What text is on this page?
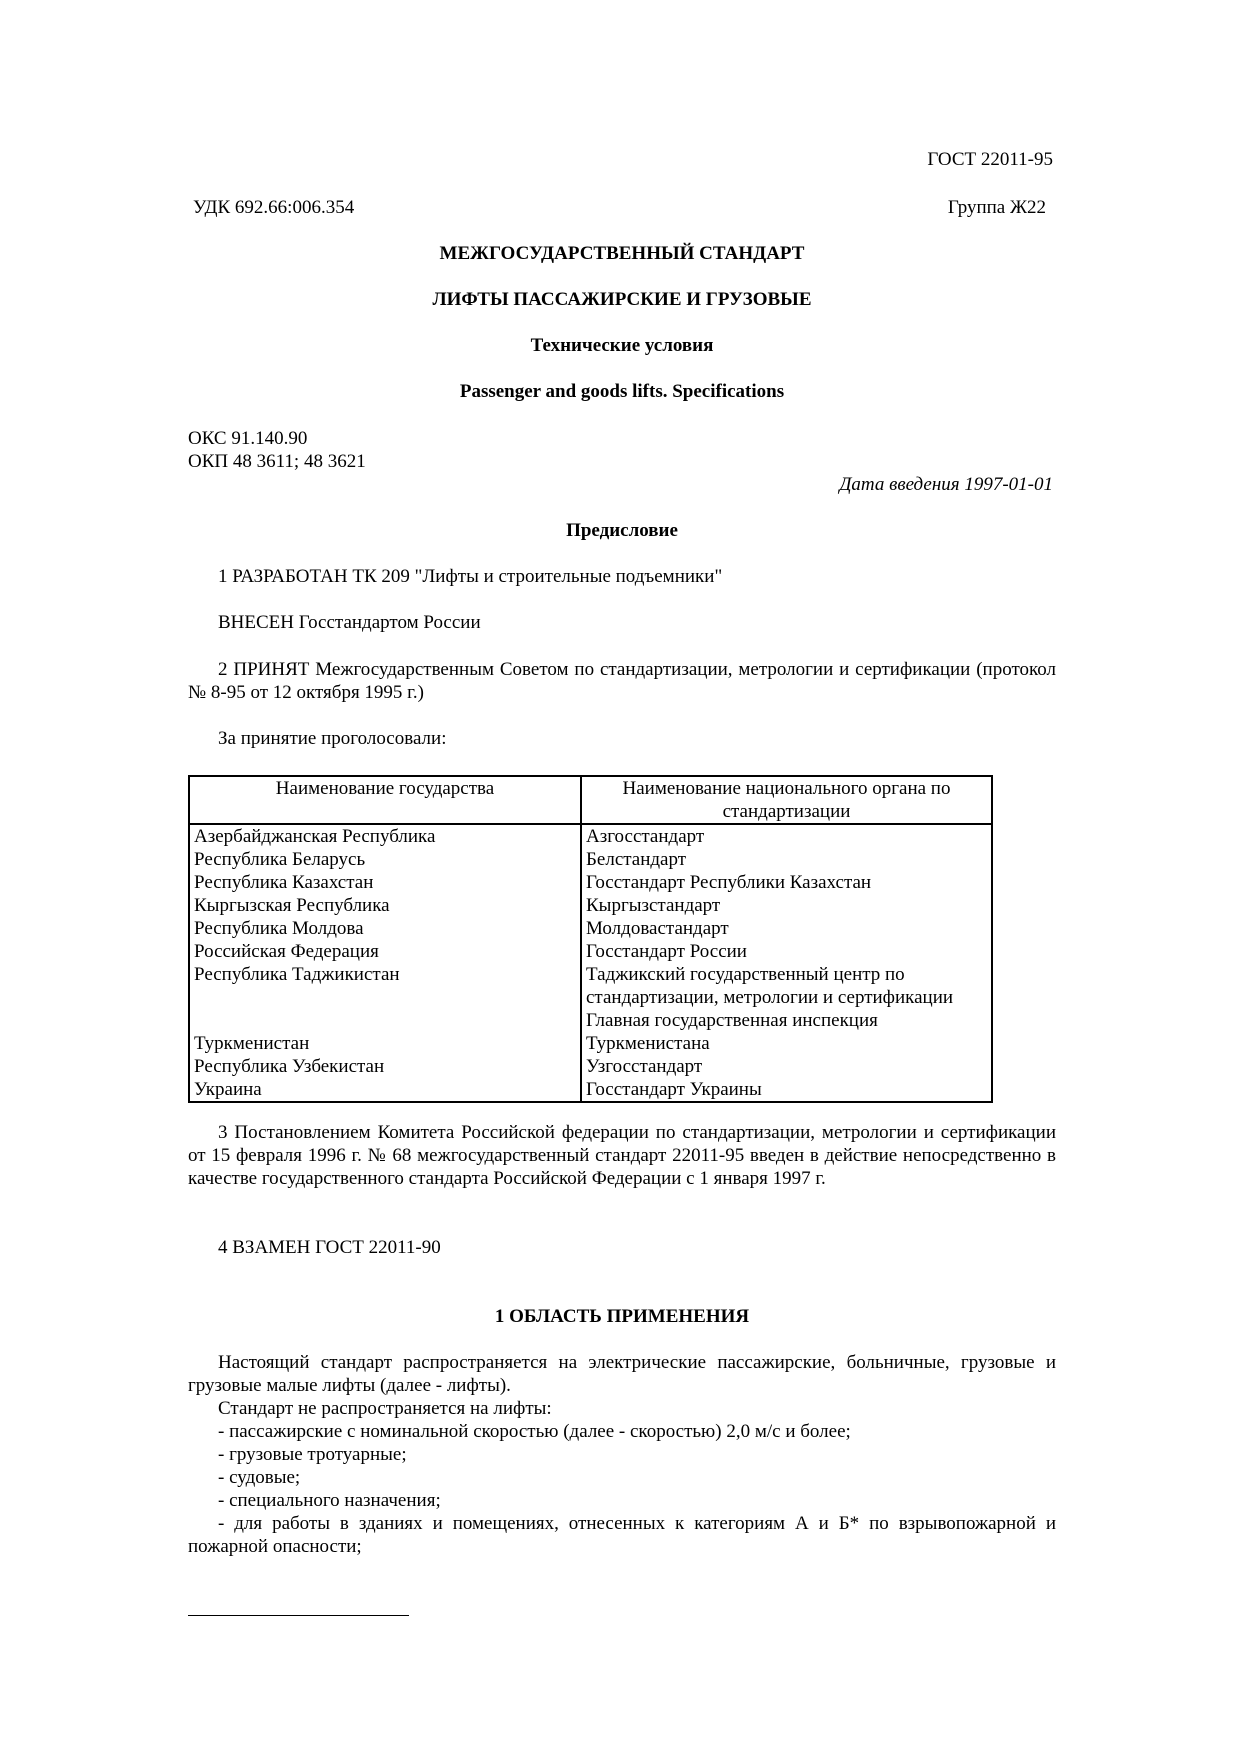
ГОСТ 22011-95
УДК 692.66:006.354	Группа Ж22
МЕЖГОСУДАРСТВЕННЫЙ СТАНДАРТ
ЛИФТЫ ПАССАЖИРСКИЕ И ГРУЗОВЫЕ
Технические условия
Passenger and goods lifts. Specifications
ОКС 91.140.90
ОКП 48 3611; 48 3621
Дата введения 1997-01-01
Предисловие
1 РАЗРАБОТАН ТК 209 "Лифты и строительные подъемники"
ВНЕСЕН Госстандартом России
2 ПРИНЯТ Межгосударственным Советом по стандартизации, метрологии и сертификации (протокол № 8-95 от 12 октября 1995 г.)
За принятие проголосовали:
Наименование государства	Наименование национального органа по стандартизации
Азербайджанская Республика	Азгосстандарт
Республика Беларусь	Белстандарт
Республика Казахстан	Госстандарт Республики Казахстан
Кыргызская Республика	Кыргызстандарт
Республика Молдова	Молдовастандарт
Российская Федерация	Госстандарт России
Республика Таджикистан	Таджикский государственный центр по стандартизации, метрологии и сертификации
Туркменистан	Главная государственная инспекция Туркменистана
Республика Узбекистан	Узгосстандарт
Украина	Госстандарт Украины
3 Постановлением Комитета Российской федерации по стандартизации, метрологии и сертификации от 15 февраля 1996 г. № 68 межгосударственный стандарт 22011-95 введен в действие непосредственно в качестве государственного стандарта Российской Федерации с 1 января 1997 г.
4 ВЗАМЕН ГОСТ 22011-90
1 ОБЛАСТЬ ПРИМЕНЕНИЯ
Настоящий стандарт распространяется на электрические пассажирские, больничные, грузовые и грузовые малые лифты (далее - лифты).
Стандарт не распространяется на лифты:
- пассажирские с номинальной скоростью (далее - скоростью) 2,0 м/с и более;
- грузовые тротуарные;
- судовые;
- специального назначения;
- для работы в зданиях и помещениях, отнесенных к категориям А и Б* по взрывопожарной и пожарной опасности;
